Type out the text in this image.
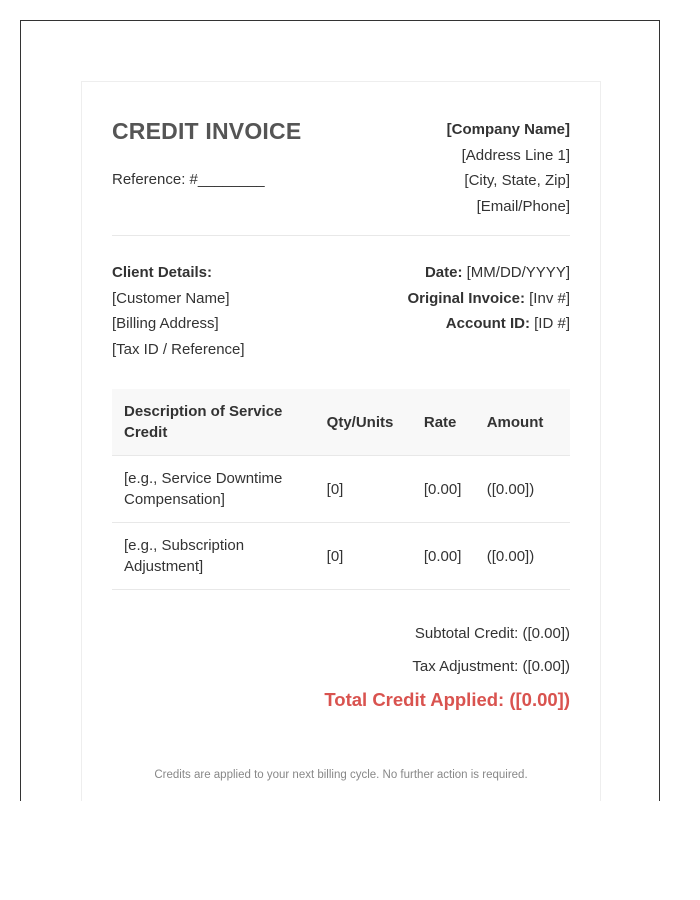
CREDIT INVOICE
Reference: #________
[Company Name]
[Address Line 1]
[City, State, Zip]
[Email/Phone]
Client Details:
[Customer Name]
[Billing Address]
[Tax ID / Reference]
Date: [MM/DD/YYYY]
Original Invoice: [Inv #]
Account ID: [ID #]
Description of Service Credit	Qty/Units	Rate	Amount
[e.g., Service Downtime Compensation]	[0]	[0.00]	([0.00])
[e.g., Subscription Adjustment]	[0]	[0.00]	([0.00])
Subtotal Credit: ([0.00])
Tax Adjustment: ([0.00])
Total Credit Applied: ([0.00])
Credits are applied to your next billing cycle. No further action is required.
